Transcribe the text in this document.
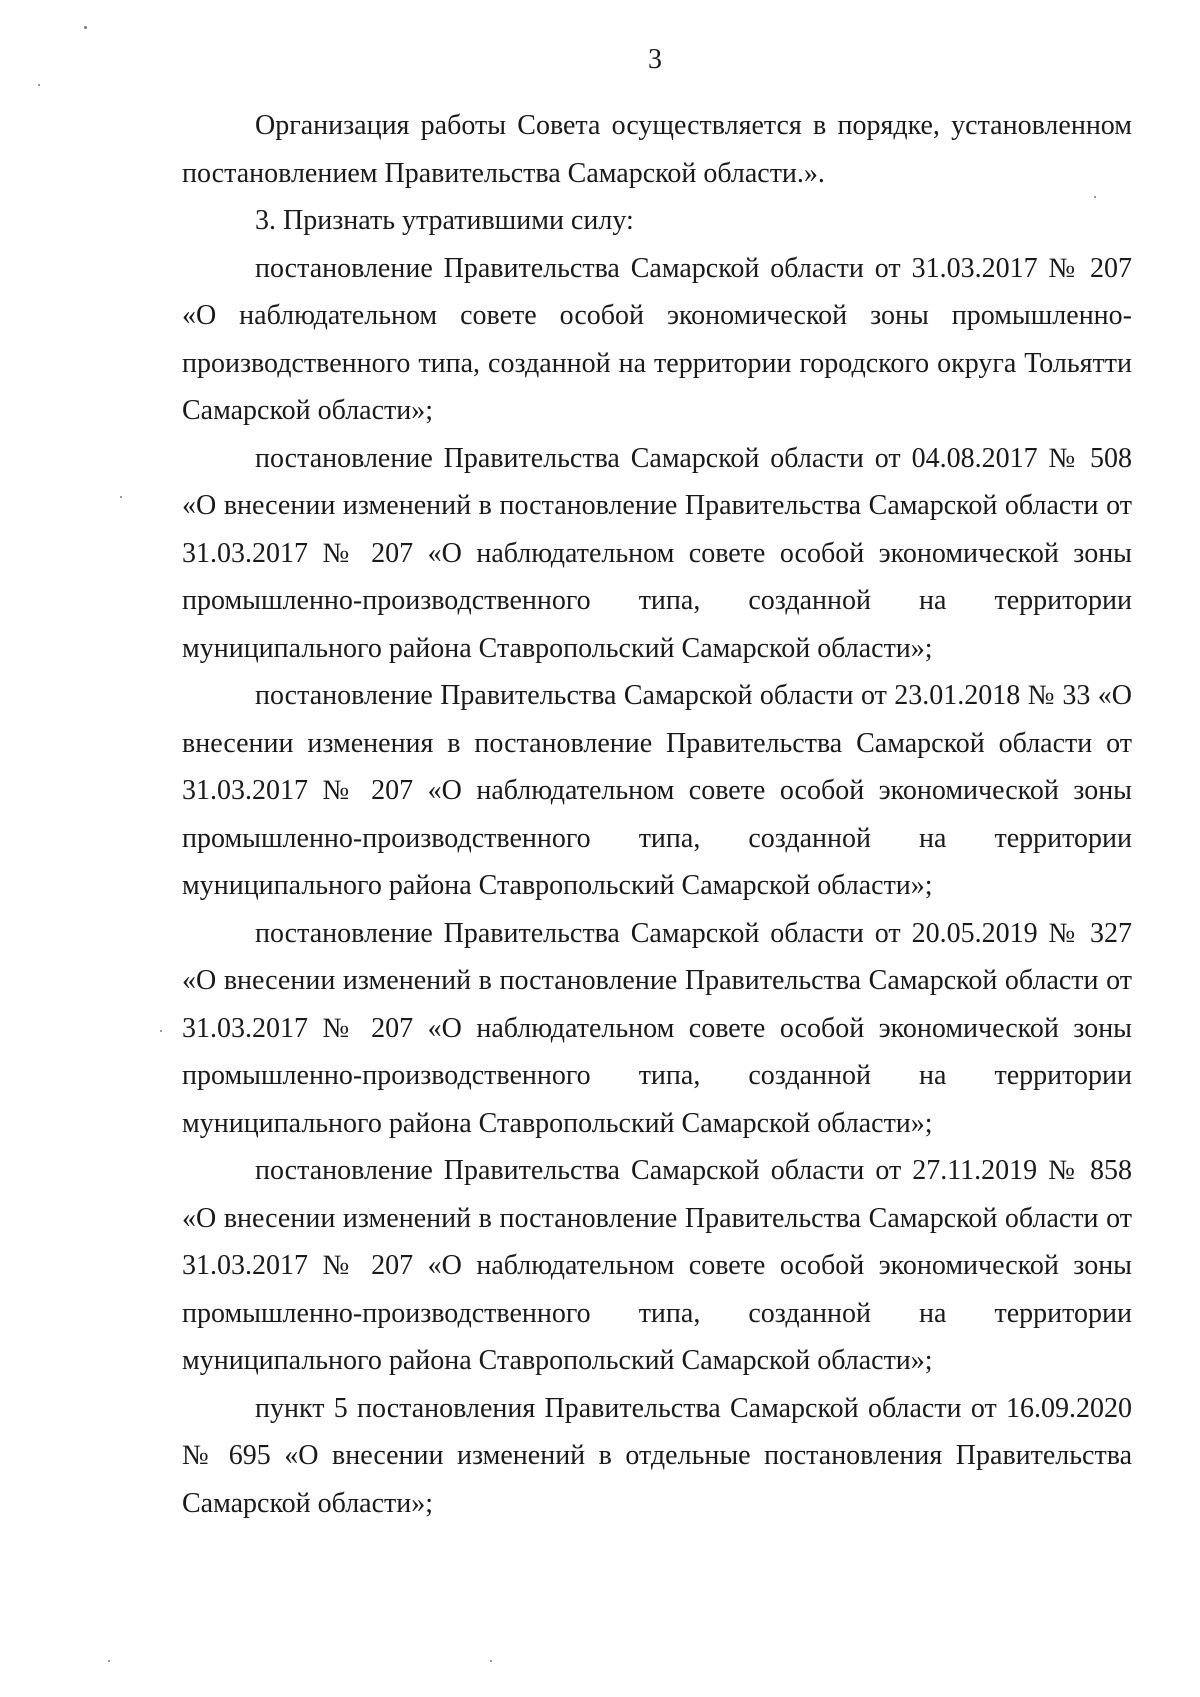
3

Организация работы Совета осуществляется в порядке, установленном постановлением Правительства Самарской области.».

3. Признать утратившими силу:

постановление Правительства Самарской области от 31.03.2017 № 207 «О наблюдательном совете особой экономической зоны промышленно-производственного типа, созданной на территории городского округа Тольятти Самарской области»;

постановление Правительства Самарской области от 04.08.2017 № 508 «О внесении изменений в постановление Правительства Самарской области от 31.03.2017 № 207 «О наблюдательном совете особой экономической зоны промышленно-производственного типа, созданной на территории муниципального района Ставропольский Самарской области»;

постановление Правительства Самарской области от 23.01.2018 № 33 «О внесении изменения в постановление Правительства Самарской области от 31.03.2017 № 207 «О наблюдательном совете особой экономической зоны промышленно-производственного типа, созданной на территории муниципального района Ставропольский Самарской области»;

постановление Правительства Самарской области от 20.05.2019 № 327 «О внесении изменений в постановление Правительства Самарской области от 31.03.2017 № 207 «О наблюдательном совете особой экономической зоны промышленно-производственного типа, созданной на территории муниципального района Ставропольский Самарской области»;

постановление Правительства Самарской области от 27.11.2019 № 858 «О внесении изменений в постановление Правительства Самарской области от 31.03.2017 № 207 «О наблюдательном совете особой экономической зоны промышленно-производственного типа, созданной на территории муниципального района Ставропольский Самарской области»;

пункт 5 постановления Правительства Самарской области от 16.09.2020 № 695 «О внесении изменений в отдельные постановления Правительства Самарской области»;
